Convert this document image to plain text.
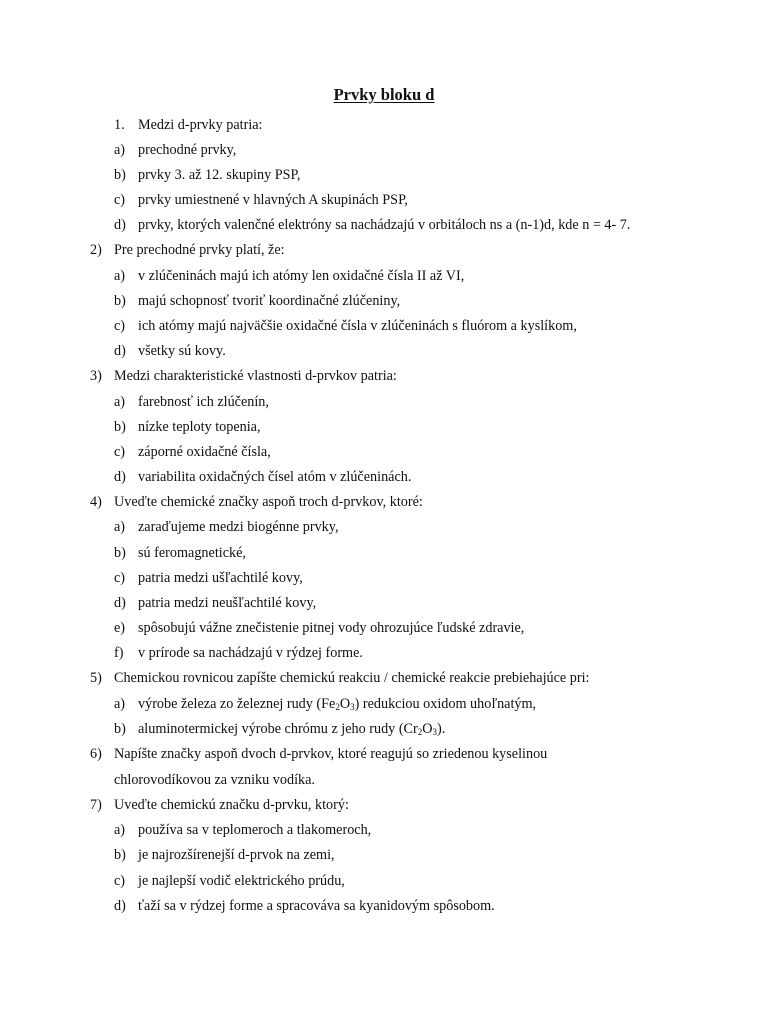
Prvky bloku d
1. Medzi d-prvky patria:
a) prechodné prvky,
b) prvky 3. až 12. skupiny PSP,
c) prvky umiestnené v hlavných A skupinách PSP,
d) prvky, ktorých valenčné elektróny sa nachádzajú v orbitáloch ns a (n-1)d, kde n = 4- 7.
2) Pre prechodné prvky platí, že:
a) v zlúčeninách majú ich atómy len oxidačné čísla II až VI,
b) majú schopnosť tvoriť koordinačné zlúčeniny,
c) ich atómy majú najväčšie oxidačné čísla v zlúčeninách s fluórom a kyslíkom,
d) všetky sú kovy.
3) Medzi charakteristické vlastnosti d-prvkov patria:
a) farebnosť ich zlúčenín,
b) nízke teploty topenia,
c) záporné oxidačné čísla,
d) variabilita oxidačných čísel atóm v zlúčeninách.
4) Uveďte chemické značky aspoň troch d-prvkov, ktoré:
a) zaraďujeme medzi biogénne prvky,
b) sú feromagnetické,
c) patria medzi ušľachtilé kovy,
d) patria medzi neušľachtilé kovy,
e) spôsobujú vážne znečistenie pitnej vody ohrozujúce ľudské zdravie,
f) v prírode sa nachádzajú v rýdzej forme.
5) Chemickou rovnicou zapíšte chemickú reakciu / chemické reakcie prebiehajúce pri:
a) výrobe železa zo železnej rudy $(Fe_2O_3)$ redukciou oxidom uhoľnatým,
b) aluminotermickej výrobe chrómu z jeho rudy $(Cr_2O_3)$.
6) Napíšte značky aspoň dvoch d-prvkov, ktoré reagujú so zriedenou kyselinou
chlorovodíkovou za vzniku vodíka.
7) Uveďte chemickú značku d-prvku, ktorý:
a) používa sa v teplomeroch a tlakomeroch,
b) je najrozšírenejší d-prvok na zemi,
c) je najlepší vodič elektrického prúdu,
d) ťaží sa v rýdzej forme a spracováva sa kyanidovým spôsobom.
